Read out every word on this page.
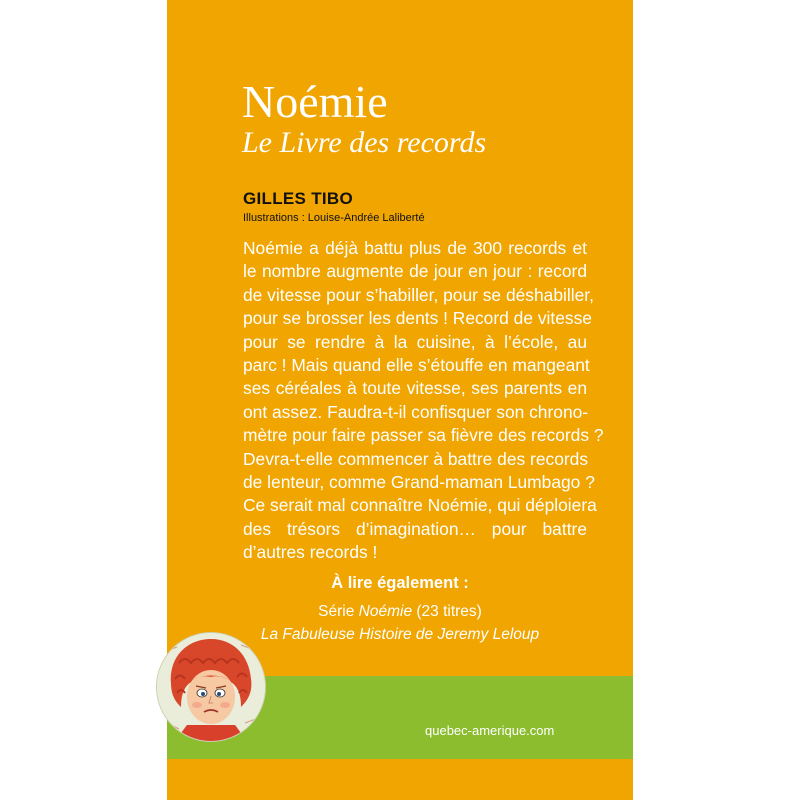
Noémie
Le Livre des records
GILLES TIBO
Illustrations : Louise-Andrée Laliberté
Noémie a déjà battu plus de 300 records et
le nombre augmente de jour en jour : record
de vitesse pour s’habiller, pour se déshabiller,
pour se brosser les dents ! Record de vitesse
pour se rendre à la cuisine, à l’école, au
parc ! Mais quand elle s’étouffe en mangeant
ses céréales à toute vitesse, ses parents en
ont assez. Faudra-t-il confisquer son chrono-
mètre pour faire passer sa fièvre des records ?
Devra-t-elle commencer à battre des records
de lenteur, comme Grand-maman Lumbago ?
Ce serait mal connaître Noémie, qui déploiera
des trésors d’imagination… pour battre
d’autres records !
À lire également :
Série Noémie (23 titres)
La Fabuleuse Histoire de Jeremy Leloup
quebec-amerique.com
